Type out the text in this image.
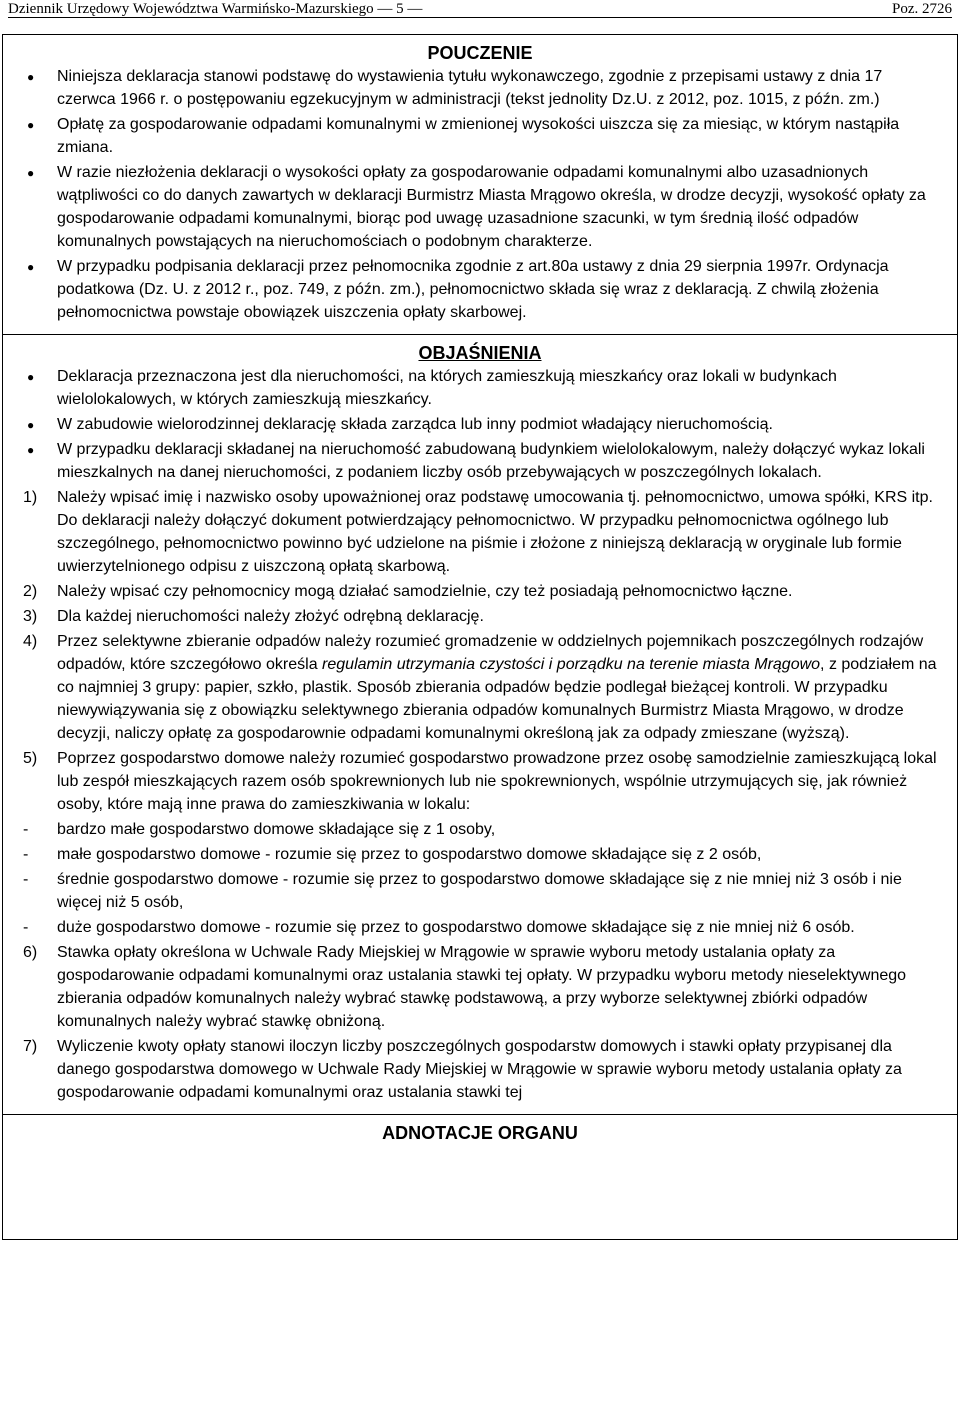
Dziennik Urzędowy Województwa Warmińsko-Mazurskiego — 5 —	Poz. 2726
POUCZENIE
●	Niniejsza deklaracja stanowi podstawę do wystawienia tytułu wykonawczego, zgodnie z przepisami ustawy z dnia 17 czerwca 1966 r. o postępowaniu egzekucyjnym w administracji (tekst jednolity Dz.U. z 2012, poz. 1015, z późn. zm.)
●	Opłatę za gospodarowanie odpadami komunalnymi w zmienionej wysokości uiszcza się za miesiąc, w którym nastąpiła zmiana.
●	W razie niezłożenia deklaracji o wysokości opłaty za gospodarowanie odpadami komunalnymi albo uzasadnionych wątpliwości co do danych zawartych w deklaracji Burmistrz Miasta Mrągowo określa, w drodze decyzji, wysokość opłaty za gospodarowanie odpadami komunalnymi, biorąc pod uwagę uzasadnione szacunki, w tym średnią ilość odpadów komunalnych powstających na nieruchomościach o podobnym charakterze.
●	W przypadku podpisania deklaracji przez pełnomocnika zgodnie z art.80a ustawy z dnia 29 sierpnia 1997r. Ordynacja podatkowa (Dz. U. z 2012 r., poz. 749, z późn. zm.), pełnomocnictwo składa się wraz z deklaracją. Z chwilą złożenia pełnomocnictwa powstaje obowiązek uiszczenia opłaty skarbowej.
OBJAŚNIENIA
●	Deklaracja przeznaczona jest dla nieruchomości, na których zamieszkują mieszkańcy oraz lokali w budynkach wielolokalowych, w których zamieszkują mieszkańcy.
●	W zabudowie wielorodzinnej deklarację składa zarządca lub inny podmiot władający nieruchomością.
●	W przypadku deklaracji składanej na nieruchomość zabudowaną budynkiem wielolokalowym, należy dołączyć wykaz lokali mieszkalnych na danej nieruchomości, z podaniem liczby osób przebywających w poszczególnych lokalach.
1)	Należy wpisać imię i nazwisko osoby upoważnionej oraz podstawę umocowania tj. pełnomocnictwo, umowa spółki, KRS itp. Do deklaracji należy dołączyć dokument potwierdzający pełnomocnictwo. W przypadku pełnomocnictwa ogólnego lub szczególnego, pełnomocnictwo powinno być udzielone na piśmie i złożone z niniejszą deklaracją w oryginale lub formie uwierzytelnionego odpisu z uiszczoną opłatą skarbową.
2)	Należy wpisać czy pełnomocnicy mogą działać samodzielnie, czy też posiadają pełnomocnictwo łączne.
3)	Dla każdej nieruchomości należy złożyć odrębną deklarację.
4)	Przez selektywne zbieranie odpadów należy rozumieć gromadzenie w oddzielnych pojemnikach poszczególnych rodzajów odpadów, które szczegółowo określa regulamin utrzymania czystości i porządku na terenie miasta Mrągowo, z podziałem na co najmniej 3 grupy: papier, szkło, plastik. Sposób zbierania odpadów będzie podlegał bieżącej kontroli. W przypadku niewywiązywania się z obowiązku selektywnego zbierania odpadów komunalnych Burmistrz Miasta Mrągowo, w drodze decyzji, naliczy opłatę za gospodarownie odpadami komunalnymi określoną jak za odpady zmieszane (wyższą).
5)	Poprzez gospodarstwo domowe należy rozumieć gospodarstwo prowadzone przez osobę samodzielnie zamieszkującą lokal lub zespół mieszkających razem osób spokrewnionych lub nie spokrewnionych, wspólnie utrzymujących się, jak również osoby, które mają inne prawa do zamieszkiwania w lokalu:
-	bardzo małe gospodarstwo domowe składające się z 1 osoby,
-	małe gospodarstwo domowe - rozumie się przez to gospodarstwo domowe składające się z 2 osób,
-	średnie gospodarstwo domowe - rozumie się przez to gospodarstwo domowe składające się z nie mniej niż 3 osób i nie więcej niż 5 osób,
-	duże gospodarstwo domowe - rozumie się przez to gospodarstwo domowe składające się z nie mniej niż 6 osób.
6)	Stawka opłaty określona w Uchwale Rady Miejskiej w Mrągowie w sprawie wyboru metody ustalania opłaty za gospodarowanie odpadami komunalnymi oraz ustalania stawki tej opłaty. W przypadku wyboru metody nieselektywnego zbierania odpadów komunalnych należy wybrać stawkę podstawową, a przy wyborze selektywnej zbiórki odpadów komunalnych należy wybrać stawkę obniżoną.
7)	Wyliczenie kwoty opłaty stanowi iloczyn liczby poszczególnych gospodarstw domowych i stawki opłaty przypisanej dla danego gospodarstwa domowego w Uchwale Rady Miejskiej w Mrągowie w sprawie wyboru metody ustalania opłaty za gospodarowanie odpadami komunalnymi oraz ustalania stawki tej
ADNOTACJE ORGANU
